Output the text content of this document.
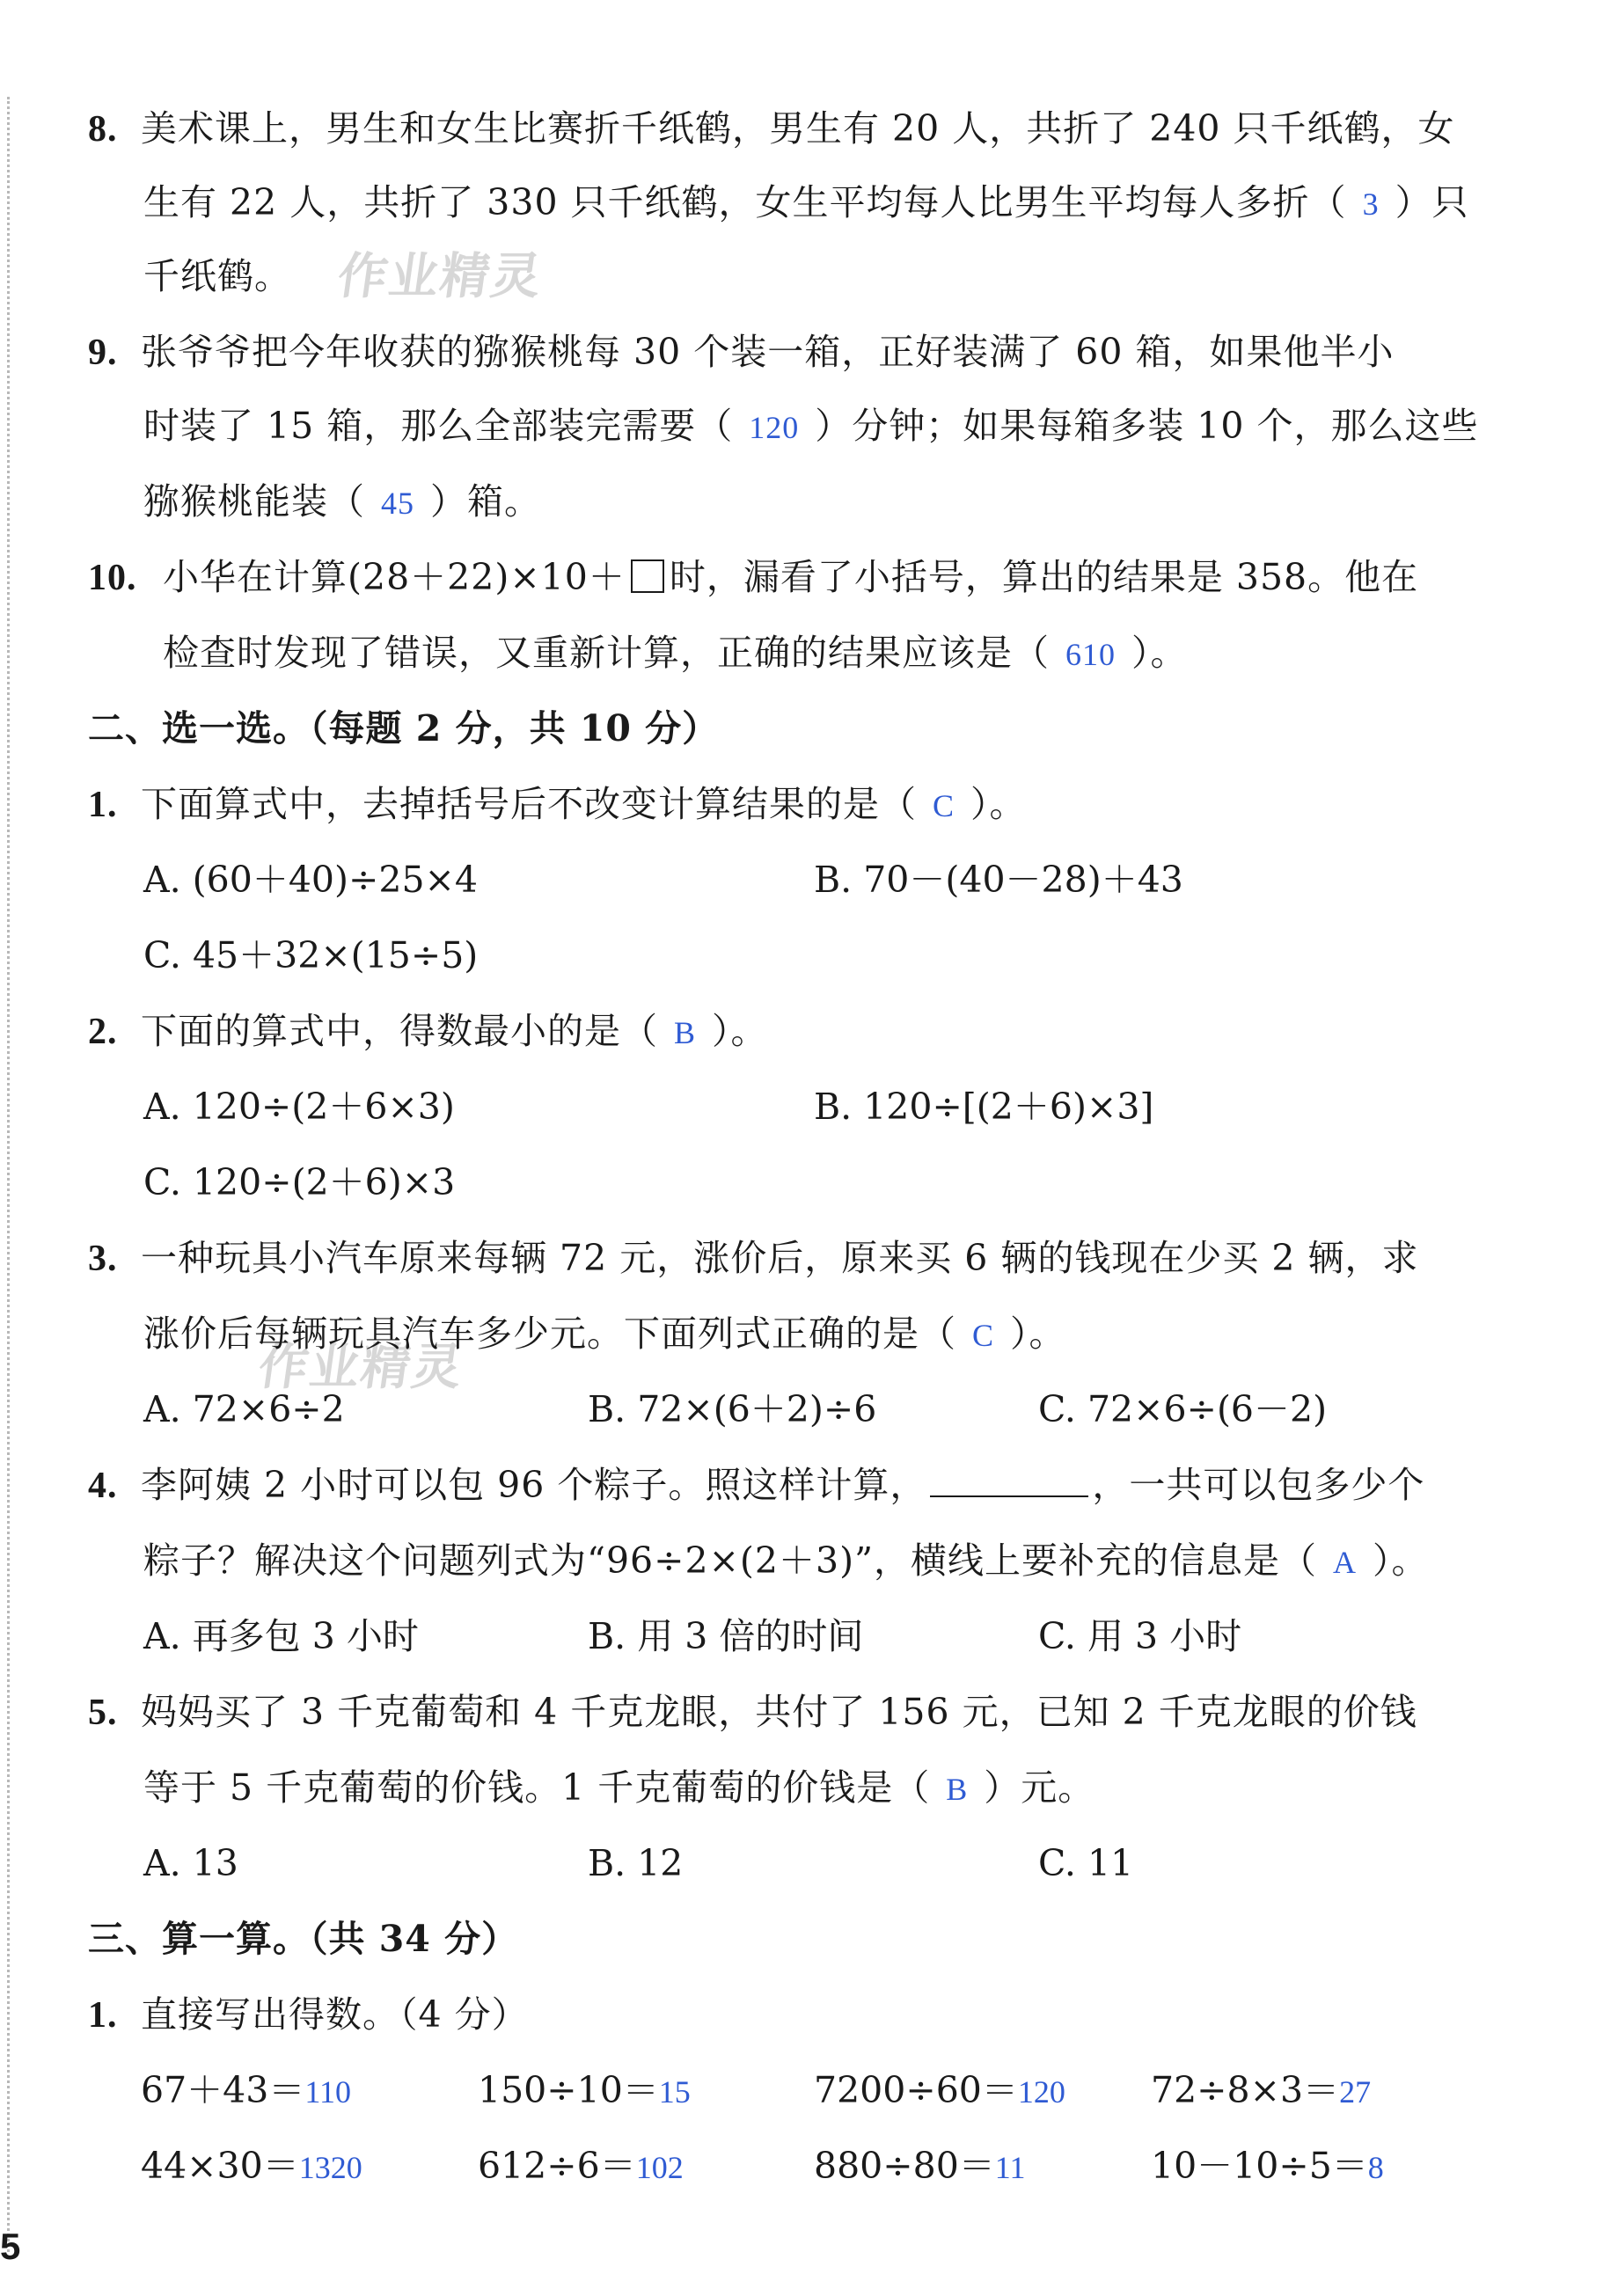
作业精灵
作业精灵
8. 美术课上，男生和女生比赛折千纸鹤，男生有 20 人，共折了 240 只千纸鹤，女
生有 22 人，共折了 330 只千纸鹤，女生平均每人比男生平均每人多折（ 3 ）只
千纸鹤。
9. 张爷爷把今年收获的猕猴桃每 30 个装一箱，正好装满了 60 箱，如果他半小
时装了 15 箱，那么全部装完需要（ 120 ）分钟；如果每箱多装 10 个，那么这些
猕猴桃能装（ 45 ）箱。
10. 小华在计算(28＋22)×10＋ 时，漏看了小括号，算出的结果是 358。他在
检查时发现了错误，又重新计算，正确的结果应该是（ 610 ）。
二、选一选。（每题 2 分，共 10 分）
1. 下面算式中，去掉括号后不改变计算结果的是（ C ）。
A. (60＋40)÷25×4	B. 70－(40－28)＋43
C. 45＋32×(15÷5)
2. 下面的算式中，得数最小的是（ B ）。
A. 120÷(2＋6×3)	B. 120÷[(2＋6)×3]
C. 120÷(2＋6)×3
3. 一种玩具小汽车原来每辆 72 元，涨价后，原来买 6 辆的钱现在少买 2 辆，求
涨价后每辆玩具汽车多少元。下面列式正确的是（ C ）。
A. 72×6÷2	B. 72×(6＋2)÷6	C. 72×6÷(6－2)
4. 李阿姨 2 小时可以包 96 个粽子。照这样计算，	，一共可以包多少个
粽子？解决这个问题列式为“96÷2×(2＋3)”，横线上要补充的信息是（ A ）。
A. 再多包 3 小时	B. 用 3 倍的时间	C. 用 3 小时
5. 妈妈买了 3 千克葡萄和 4 千克龙眼，共付了 156 元，已知 2 千克龙眼的价钱
等于 5 千克葡萄的价钱。1 千克葡萄的价钱是（ B ）元。
A. 13	B. 12	C. 11
三、算一算。（共 34 分）
1. 直接写出得数。（4 分）
67＋43＝110	150÷10＝15	7200÷60＝120 72÷8×3＝27
44×30＝1320	612÷6＝102	880÷80＝11	10－10÷5＝8
5
